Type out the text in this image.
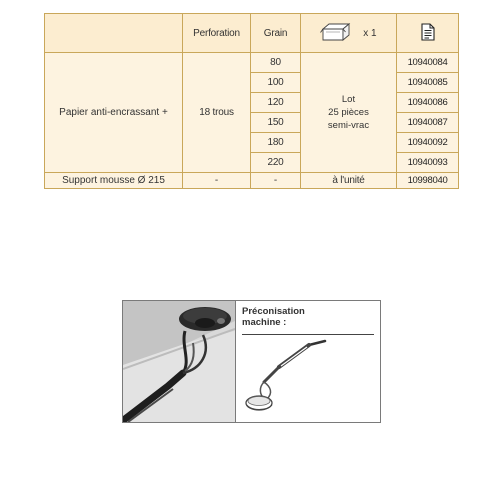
	Perforation	Grain	x 1	
Papier anti-encrassant +	18 trous	80	Lot
25 pièces
semi-vrac	10940084
		100		10940085
		120		10940086
		150		10940087
		180		10940092
		220		10940093
Support mousse Ø 215	-	-	à l'unité	10998040
Préconisation
machine :
